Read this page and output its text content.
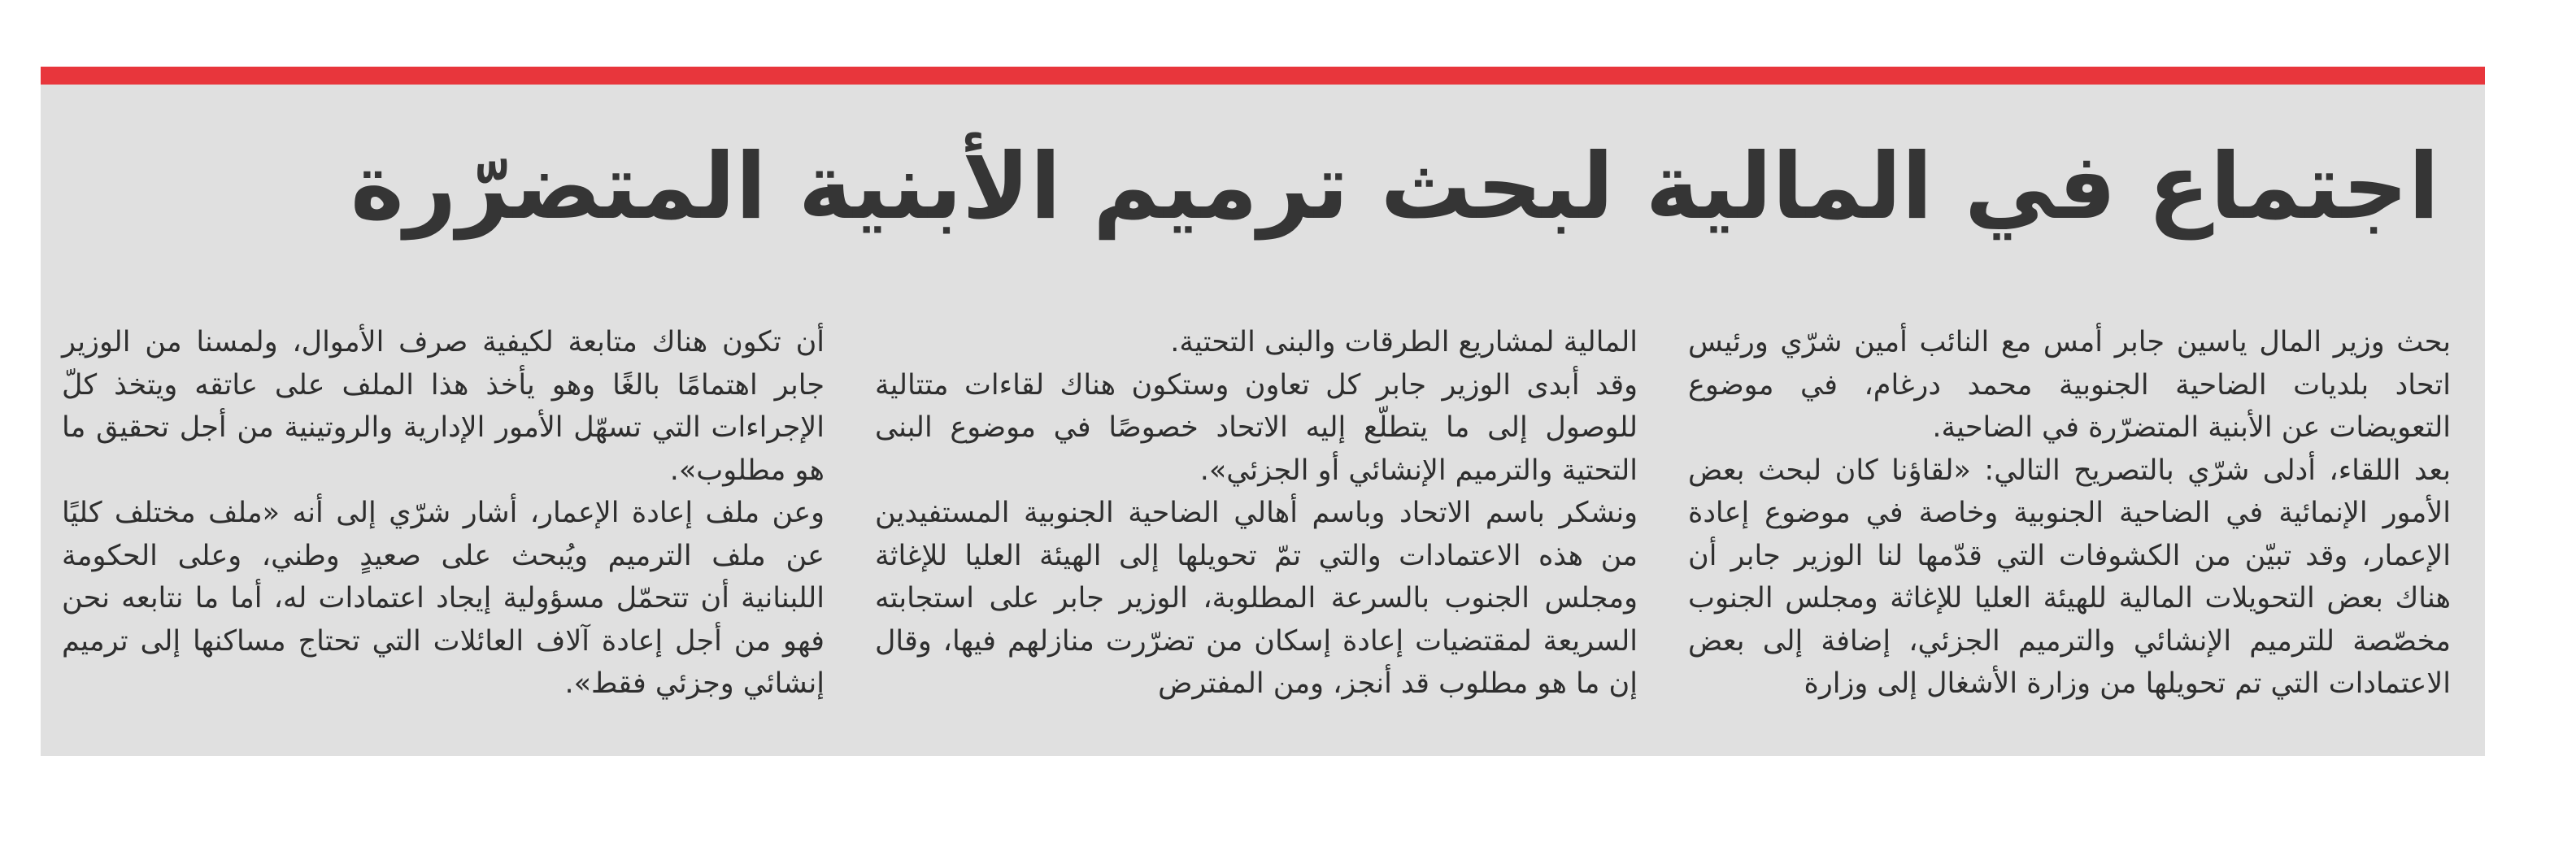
اجتماع في المالية لبحث ترميم الأبنية المتضرّرة

بحث وزير المال ياسين جابر أمس مع النائب أمين شرّي ورئيس اتحاد بلديات الضاحية الجنوبية محمد درغام، في موضوع التعويضات عن الأبنية المتضرّرة في الضاحية.

بعد اللقاء، أدلى شرّي بالتصريح التالي: «لقاؤنا كان لبحث بعض الأمور الإنمائية في الضاحية الجنوبية وخاصة في موضوع إعادة الإعمار، وقد تبيّن من الكشوفات التي قدّمها لنا الوزير جابر أن هناك بعض التحويلات المالية للهيئة العليا للإغاثة ومجلس الجنوب مخصّصة للترميم الإنشائي والترميم الجزئي، إضافة إلى بعض الاعتمادات التي تم تحويلها من وزارة الأشغال إلى وزارة

المالية لمشاريع الطرقات والبنى التحتية.

وقد أبدى الوزير جابر كل تعاون وستكون هناك لقاءات متتالية للوصول إلى ما يتطلّع إليه الاتحاد خصوصًا في موضوع البنى التحتية والترميم الإنشائي أو الجزئي».

ونشكر باسم الاتحاد وباسم أهالي الضاحية الجنوبية المستفيدين من هذه الاعتمادات والتي تمّ تحويلها إلى الهيئة العليا للإغاثة ومجلس الجنوب بالسرعة المطلوبة، الوزير جابر على استجابته السريعة لمقتضيات إعادة إسكان من تضرّرت منازلهم فيها، وقال إن ما هو مطلوب قد أنجز، ومن المفترض

أن تكون هناك متابعة لكيفية صرف الأموال، ولمسنا من الوزير جابر اهتمامًا بالغًا وهو يأخذ هذا الملف على عاتقه ويتخذ كلّ الإجراءات التي تسهّل الأمور الإدارية والروتينية من أجل تحقيق ما هو مطلوب».

وعن ملف إعادة الإعمار، أشار شرّي إلى أنه «ملف مختلف كليًا عن ملف الترميم ويُبحث على صعيدٍ وطني، وعلى الحكومة اللبنانية أن تتحمّل مسؤولية إيجاد اعتمادات له، أما ما نتابعه نحن فهو من أجل إعادة آلاف العائلات التي تحتاج مساكنها إلى ترميم إنشائي وجزئي فقط».
